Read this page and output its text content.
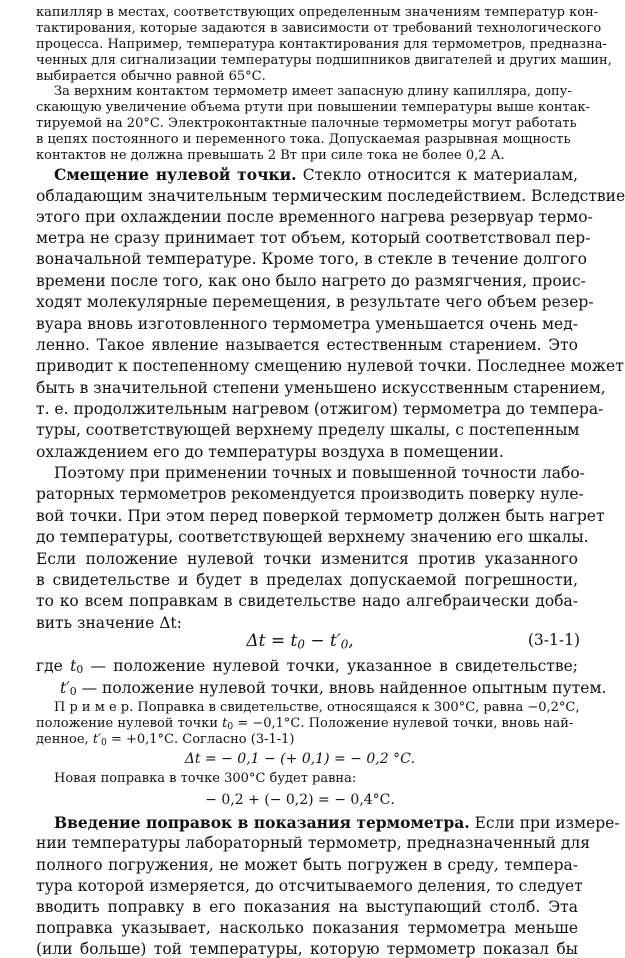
капилляр в местах, соответствующих определенным значениям температур кон-
тактирования, которые задаются в зависимости от требований технологического
процесса. Например, температура контактирования для термометров, предназна-
ченных для сигнализации температуры подшипников двигателей и других машин,
выбирается обычно равной 65°С.
За верхним контактом термометр имеет запасную длину капилляра, допу-
скающую увеличение объема ртути при повышении температуры выше контак-
тируемой на 20°С. Электроконтактные палочные термометры могут работать
в цепях постоянного и переменного тока. Допускаемая разрывная мощность
контактов не должна превышать 2 Вт при силе тока не более 0,2 А.
Смещение нулевой точки. Стекло относится к материалам,
обладающим значительным термическим последействием. Вследствие
этого при охлаждении после временного нагрева резервуар термо-
метра не сразу принимает тот объем, который соответствовал пер-
воначальной температуре. Кроме того, в стекле в течение долгого
времени после того, как оно было нагрето до размягчения, проис-
ходят молекулярные перемещения, в результате чего объем резер-
вуара вновь изготовленного термометра уменьшается очень мед-
ленно. Такое явление называется естественным старением. Это
приводит к постепенному смещению нулевой точки. Последнее может
быть в значительной степени уменьшено искусственным старением,
т. е. продолжительным нагревом (отжигом) термометра до темпера-
туры, соответствующей верхнему пределу шкалы, с постепенным
охлаждением его до температуры воздуха в помещении.
Поэтому при применении точных и повышенной точности лабо-
раторных термометров рекомендуется производить поверку нуле-
вой точки. При этом перед поверкой термометр должен быть нагрет
до температуры, соответствующей верхнему значению его шкалы.
Если положение нулевой точки изменится против указанного
в свидетельстве и будет в пределах допускаемой погрешности,
то ко всем поправкам в свидетельстве надо алгебраически доба-
вить значение Δt:
Δt = t0 − t′0,	(3-1-1)
где $t_0$ — положение нулевой точки, указанное в свидетельстве;
$t'_0$ — положение нулевой точки, вновь найденное опытным путем.
П р и м е р. Поправка в свидетельстве, относящаяся к 300°С, равна −0,2°С,
положение нулевой точки $t_0 = -0,1^\circ С$. Положение нулевой точки, вновь най-
денное, $t'_0 = +0,1^\circ С$. Согласно (3-1-1)
Δt = − 0,1 − (+ 0,1) = − 0,2 °С.
Новая поправка в точке 300°С будет равна:
− 0,2 + (− 0,2) = − 0,4°С.
Введение поправок в показания термометра. Если при измере-
нии температуры лабораторный термометр, предназначенный для
полного погружения, не может быть погружен в среду, темпера-
тура которой измеряется, до отсчитываемого деления, то следует
вводить поправку в его показания на выступающий столб. Эта
поправка указывает, насколько показания термометра меньше
(или больше) той температуры, которую термометр показал бы
